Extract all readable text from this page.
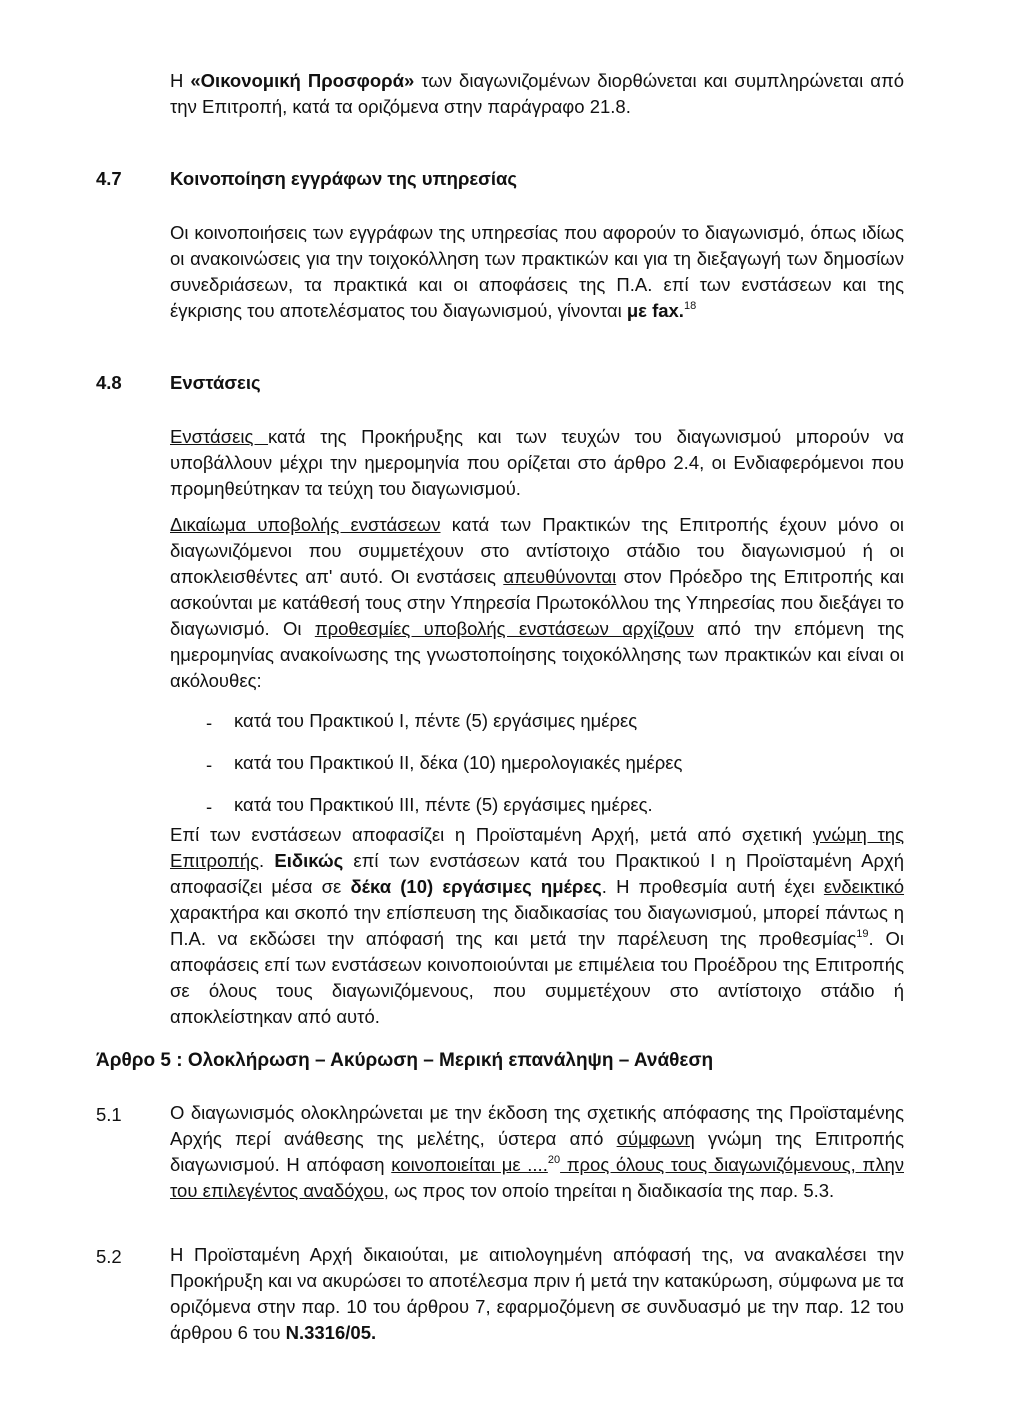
Η «Οικονομική Προσφορά» των διαγωνιζομένων διορθώνεται και συμπληρώνεται από την Επιτροπή, κατά τα οριζόμενα στην παράγραφο 21.8.
4.7	Κοινοποίηση εγγράφων της υπηρεσίας
Οι κοινοποιήσεις των εγγράφων της υπηρεσίας που αφορούν το διαγωνισμό, όπως ιδίως οι ανακοινώσεις για την τοιχοκόλληση των πρακτικών και για τη διεξαγωγή των δημοσίων συνεδριάσεων, τα πρακτικά και οι αποφάσεις της Π.Α. επί των ενστάσεων και της έγκρισης του αποτελέσματος του διαγωνισμού, γίνονται με fax.$^{18}$
4.8	Ενστάσεις
Ενστάσεις κατά της Προκήρυξης και των τευχών του διαγωνισμού μπορούν να υποβάλλουν μέχρι την ημερομηνία που ορίζεται στο άρθρο 2.4, οι Ενδιαφερόμενοι που προμηθεύτηκαν τα τεύχη του διαγωνισμού.
Δικαίωμα υποβολής ενστάσεων κατά των Πρακτικών της Επιτροπής έχουν μόνο οι διαγωνιζόμενοι που συμμετέχουν στο αντίστοιχο στάδιο του διαγωνισμού ή οι αποκλεισθέντες απ' αυτό. Οι ενστάσεις απευθύνονται στον Πρόεδρο της Επιτροπής και ασκούνται με κατάθεσή τους στην Υπηρεσία Πρωτοκόλλου της Υπηρεσίας που διεξάγει το διαγωνισμό. Οι προθεσμίες υποβολής ενστάσεων αρχίζουν από την επόμενη της ημερομηνίας ανακοίνωσης της γνωστοποίησης τοιχοκόλλησης των πρακτικών και είναι οι ακόλουθες:
- κατά του Πρακτικού Ι, πέντε (5) εργάσιμες ημέρες
- κατά του Πρακτικού ΙΙ, δέκα (10) ημερολογιακές ημέρες
- κατά του Πρακτικού ΙΙΙ, πέντε (5) εργάσιμες ημέρες.
Επί των ενστάσεων αποφασίζει η Προϊσταμένη Αρχή, μετά από σχετική γνώμη της Επιτροπής. Ειδικώς επί των ενστάσεων κατά του Πρακτικού Ι η Προϊσταμένη Αρχή αποφασίζει μέσα σε δέκα (10) εργάσιμες ημέρες. Η προθεσμία αυτή έχει ενδεικτικό χαρακτήρα και σκοπό την επίσπευση της διαδικασίας του διαγωνισμού, μπορεί πάντως η Π.Α. να εκδώσει την απόφασή της και μετά την παρέλευση της προθεσμίας$^{19}$. Οι αποφάσεις επί των ενστάσεων κοινοποιούνται με επιμέλεια του Προέδρου της Επιτροπής σε όλους τους διαγωνιζόμενους, που συμμετέχουν στο αντίστοιχο στάδιο ή αποκλείστηκαν από αυτό.
Άρθρο 5 : Ολοκλήρωση – Ακύρωση – Μερική επανάληψη – Ανάθεση
5.1	Ο διαγωνισμός ολοκληρώνεται με την έκδοση της σχετικής απόφασης της Προϊσταμένης Αρχής περί ανάθεσης της μελέτης, ύστερα από σύμφωνη γνώμη της Επιτροπής διαγωνισμού. Η απόφαση κοινοποιείται με ....$^{20}$ προς όλους τους διαγωνιζόμενους, πλην του επιλεγέντος αναδόχου, ως προς τον οποίο τηρείται η διαδικασία της παρ. 5.3.
5.2	Η Προϊσταμένη Αρχή δικαιούται, με αιτιολογημένη απόφασή της, να ανακαλέσει την Προκήρυξη και να ακυρώσει το αποτέλεσμα πριν ή μετά την κατακύρωση, σύμφωνα με τα οριζόμενα στην παρ. 10 του άρθρου 7, εφαρμοζόμενη σε συνδυασμό με την παρ. 12 του άρθρου 6 του Ν.3316/05.
